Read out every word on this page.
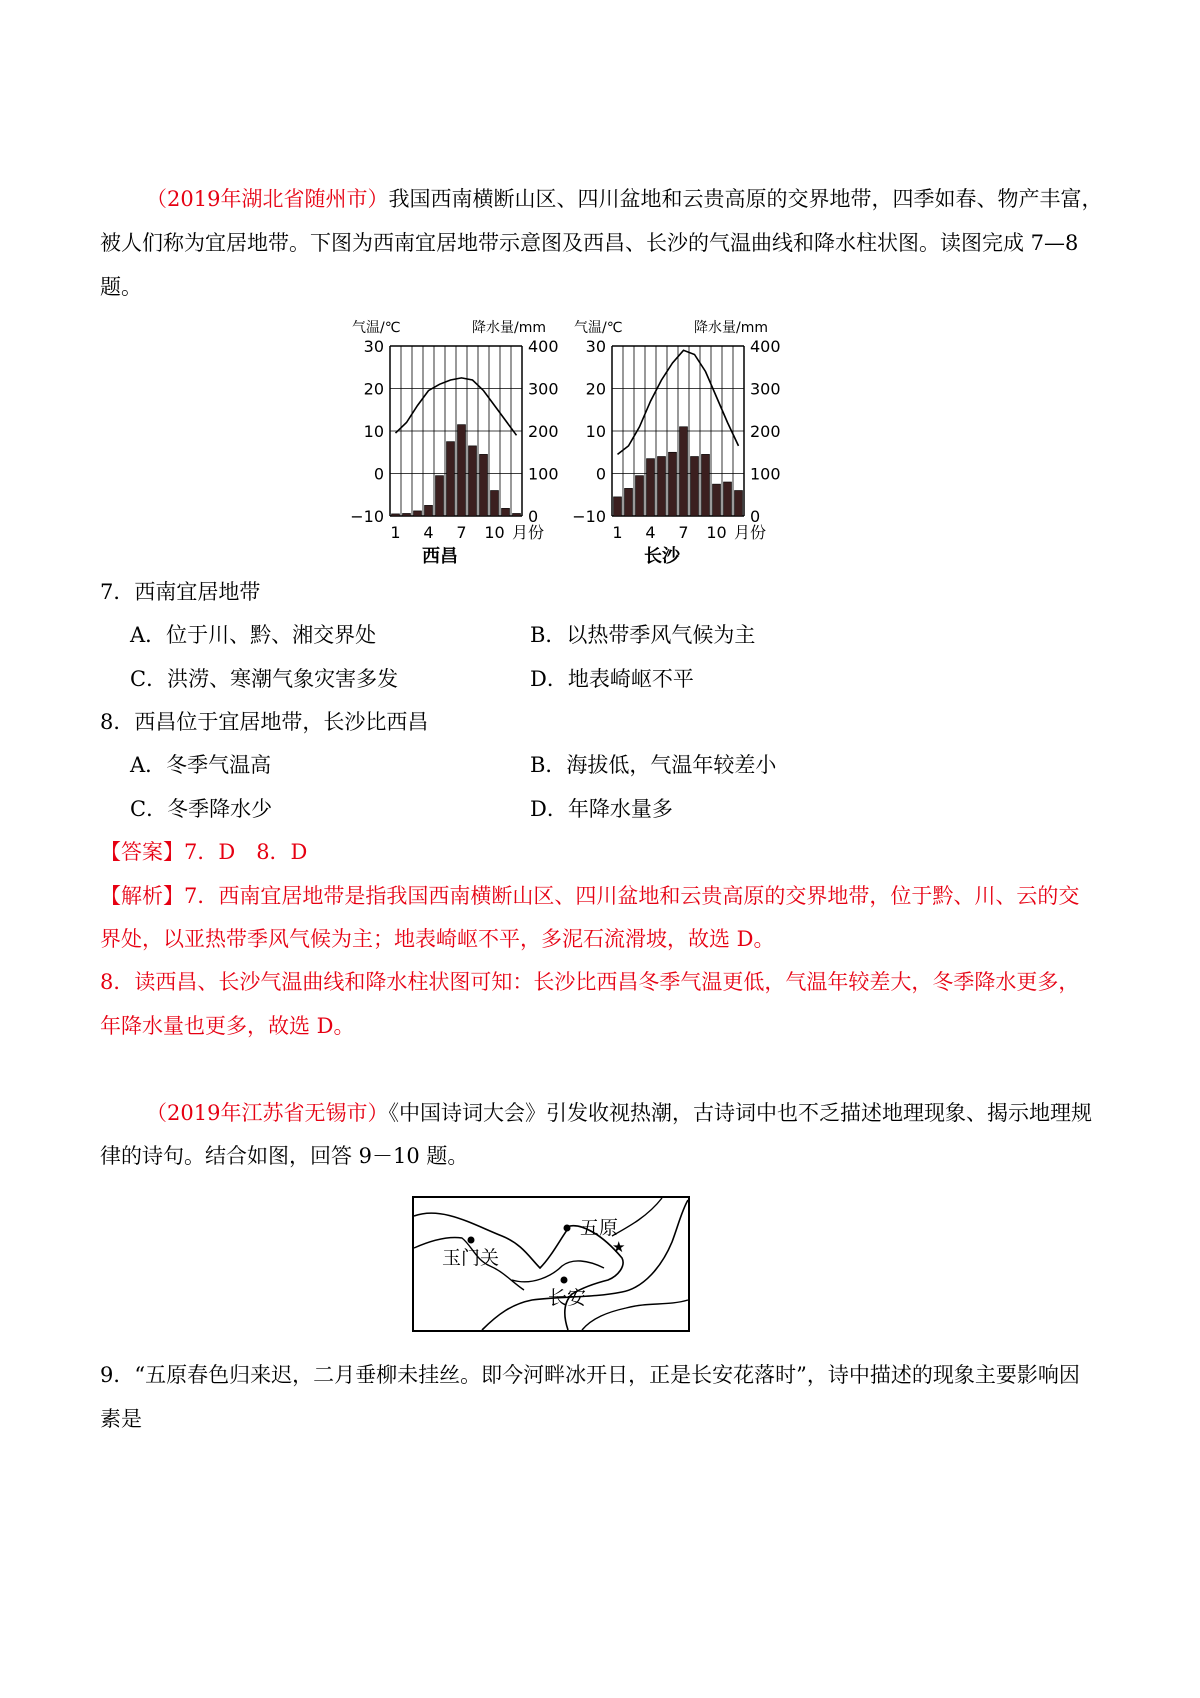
（2019年湖北省随州市）我国西南横断山区、四川盆地和云贵高原的交界地带，四季如春、物产丰富，
被人们称为宜居地带。下图为西南宜居地带示意图及西昌、长沙的气温曲线和降水柱状图。读图完成 7—8
题。
气温/℃	降水量/mm
30	400
20	300
10	200
0	100
−10	0
1 4 7 10 月份
西昌
气温/℃	降水量/mm
30	400
20	300
10	200
0	100
−10	0
1 4 7 10 月份
长沙
7．西南宜居地带
A．位于川、黔、湘交界处	B．以热带季风气候为主
C．洪涝、寒潮气象灾害多发	D．地表崎岖不平
8．西昌位于宜居地带，长沙比西昌
A．冬季气温高	B．海拔低，气温年较差小
C．冬季降水少	D．年降水量多
【答案】7．D　8．D
【解析】7．西南宜居地带是指我国西南横断山区、四川盆地和云贵高原的交界地带，位于黔、川、云的交
界处，以亚热带季风气候为主；地表崎岖不平，多泥石流滑坡，故选 D。
8．读西昌、长沙气温曲线和降水柱状图可知：长沙比西昌冬季气温更低，气温年较差大，冬季降水更多，
年降水量也更多，故选 D。
（2019年江苏省无锡市）《中国诗词大会》引发收视热潮，古诗词中也不乏描述地理现象、揭示地理规
律的诗句。结合如图，回答 9－10 题。
五原
★
玉门关
长安
9．“五原春色归来迟，二月垂柳未挂丝。即今河畔冰开日，正是长安花落时”，诗中描述的现象主要影响因
素是
